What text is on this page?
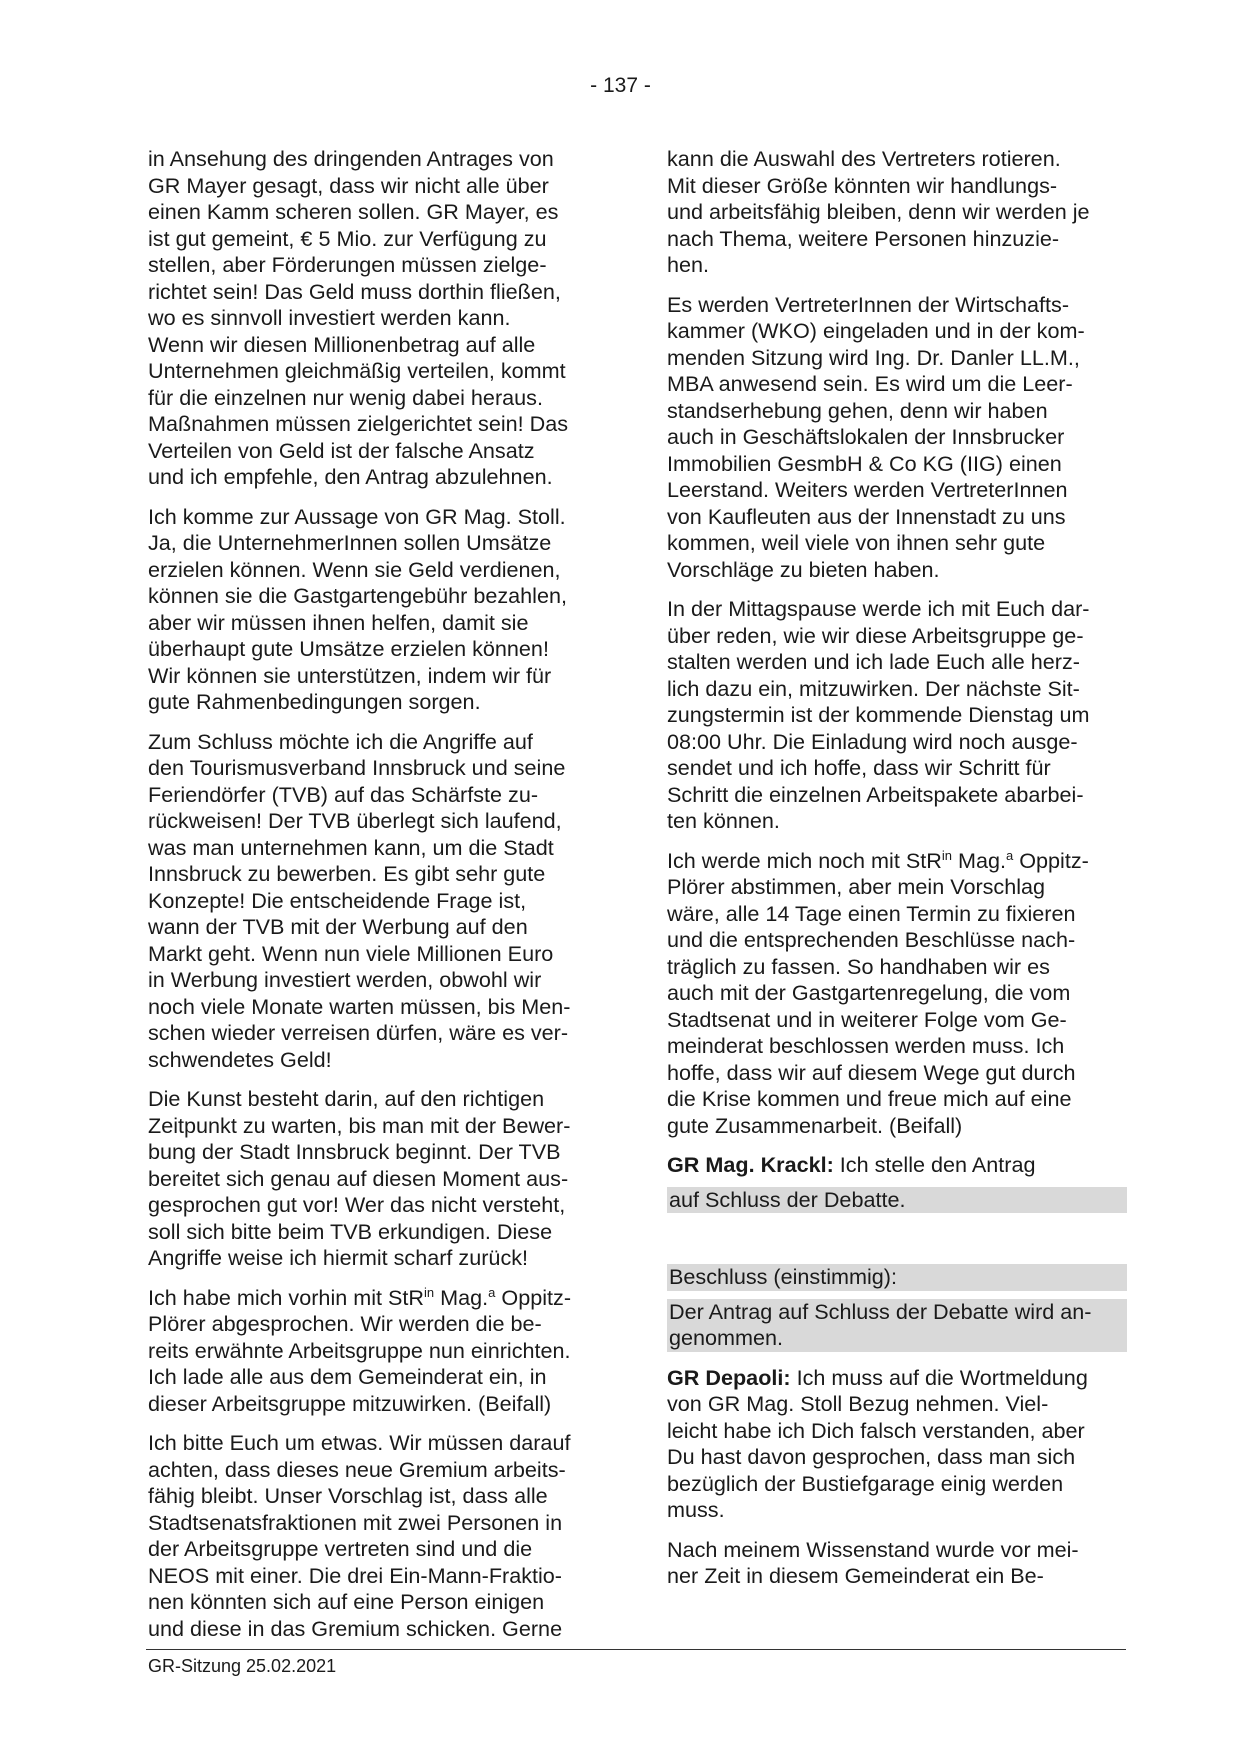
- 137 -

in Ansehung des dringenden Antrages von
GR Mayer gesagt, dass wir nicht alle über
einen Kamm scheren sollen. GR Mayer, es
ist gut gemeint, € 5 Mio. zur Verfügung zu
stellen, aber Förderungen müssen zielge-
richtet sein! Das Geld muss dorthin fließen,
wo es sinnvoll investiert werden kann.
Wenn wir diesen Millionenbetrag auf alle
Unternehmen gleichmäßig verteilen, kommt
für die einzelnen nur wenig dabei heraus.
Maßnahmen müssen zielgerichtet sein! Das
Verteilen von Geld ist der falsche Ansatz
und ich empfehle, den Antrag abzulehnen.

Ich komme zur Aussage von GR Mag. Stoll.
Ja, die UnternehmerInnen sollen Umsätze
erzielen können. Wenn sie Geld verdienen,
können sie die Gastgartengebühr bezahlen,
aber wir müssen ihnen helfen, damit sie
überhaupt gute Umsätze erzielen können!
Wir können sie unterstützen, indem wir für
gute Rahmenbedingungen sorgen.

Zum Schluss möchte ich die Angriffe auf
den Tourismusverband Innsbruck und seine
Feriendörfer (TVB) auf das Schärfste zu-
rückweisen! Der TVB überlegt sich laufend,
was man unternehmen kann, um die Stadt
Innsbruck zu bewerben. Es gibt sehr gute
Konzepte! Die entscheidende Frage ist,
wann der TVB mit der Werbung auf den
Markt geht. Wenn nun viele Millionen Euro
in Werbung investiert werden, obwohl wir
noch viele Monate warten müssen, bis Men-
schen wieder verreisen dürfen, wäre es ver-
schwendetes Geld!

Die Kunst besteht darin, auf den richtigen
Zeitpunkt zu warten, bis man mit der Bewer-
bung der Stadt Innsbruck beginnt. Der TVB
bereitet sich genau auf diesen Moment aus-
gesprochen gut vor! Wer das nicht versteht,
soll sich bitte beim TVB erkundigen. Diese
Angriffe weise ich hiermit scharf zurück!

Ich habe mich vorhin mit StR$^{in}$ Mag.$^a$ Oppitz-
Plörer abgesprochen. Wir werden die be-
reits erwähnte Arbeitsgruppe nun einrichten.
Ich lade alle aus dem Gemeinderat ein, in
dieser Arbeitsgruppe mitzuwirken. (Beifall)

Ich bitte Euch um etwas. Wir müssen darauf
achten, dass dieses neue Gremium arbeits-
fähig bleibt. Unser Vorschlag ist, dass alle
Stadtsenatsfraktionen mit zwei Personen in
der Arbeitsgruppe vertreten sind und die
NEOS mit einer. Die drei Ein-Mann-Fraktio-
nen könnten sich auf eine Person einigen
und diese in das Gremium schicken. Gerne

kann die Auswahl des Vertreters rotieren.
Mit dieser Größe könnten wir handlungs-
und arbeitsfähig bleiben, denn wir werden je
nach Thema, weitere Personen hinzuzie-
hen.

Es werden VertreterInnen der Wirtschafts-
kammer (WKO) eingeladen und in der kom-
menden Sitzung wird Ing. Dr. Danler LL.M.,
MBA anwesend sein. Es wird um die Leer-
standserhebung gehen, denn wir haben
auch in Geschäftslokalen der Innsbrucker
Immobilien GesmbH & Co KG (IIG) einen
Leerstand. Weiters werden VertreterInnen
von Kaufleuten aus der Innenstadt zu uns
kommen, weil viele von ihnen sehr gute
Vorschläge zu bieten haben.

In der Mittagspause werde ich mit Euch dar-
über reden, wie wir diese Arbeitsgruppe ge-
stalten werden und ich lade Euch alle herz-
lich dazu ein, mitzuwirken. Der nächste Sit-
zungstermin ist der kommende Dienstag um
08:00 Uhr. Die Einladung wird noch ausge-
sendet und ich hoffe, dass wir Schritt für
Schritt die einzelnen Arbeitspakete abarbei-
ten können.

Ich werde mich noch mit StR$^{in}$ Mag.$^a$ Oppitz-
Plörer abstimmen, aber mein Vorschlag
wäre, alle 14 Tage einen Termin zu fixieren
und die entsprechenden Beschlüsse nach-
träglich zu fassen. So handhaben wir es
auch mit der Gastgartenregelung, die vom
Stadtsenat und in weiterer Folge vom Ge-
meinderat beschlossen werden muss. Ich
hoffe, dass wir auf diesem Wege gut durch
die Krise kommen und freue mich auf eine
gute Zusammenarbeit. (Beifall)

GR Mag. Krackl: Ich stelle den Antrag

auf Schluss der Debatte.
Beschluss (einstimmig):
Der Antrag auf Schluss der Debatte wird an-
genommen.

GR Depaoli: Ich muss auf die Wortmeldung
von GR Mag. Stoll Bezug nehmen. Viel-
leicht habe ich Dich falsch verstanden, aber
Du hast davon gesprochen, dass man sich
bezüglich der Bustiefgarage einig werden
muss.

Nach meinem Wissenstand wurde vor mei-
ner Zeit in diesem Gemeinderat ein Be-

GR-Sitzung 25.02.2021
